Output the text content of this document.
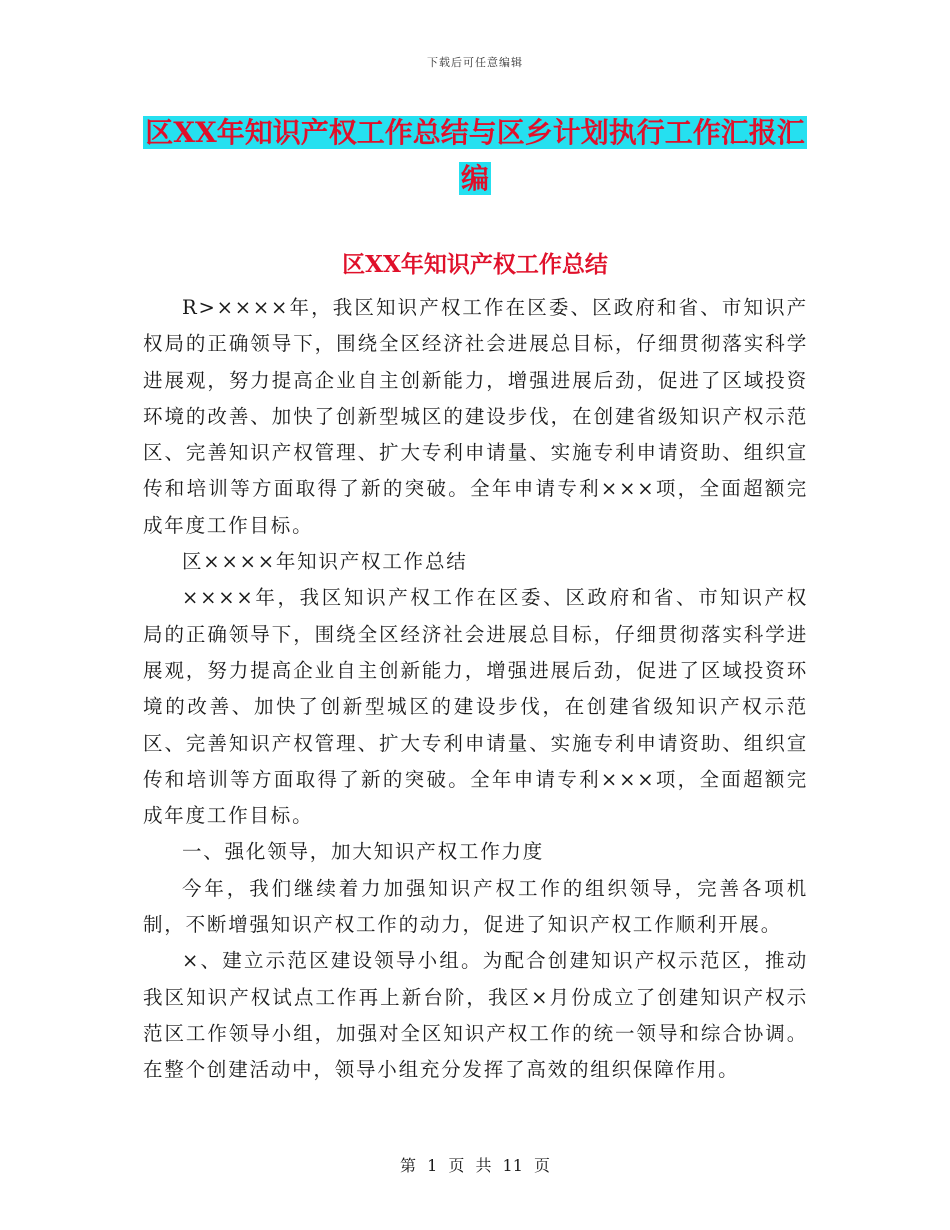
下载后可任意编辑
区XX年知识产权工作总结与区乡计划执行工作汇报汇
编
区XX年知识产权工作总结

R>××××年，我区知识产权工作在区委、区政府和省、市知识产权局的正确领导下，围绕全区经济社会进展总目标，仔细贯彻落实科学进展观，努力提高企业自主创新能力，增强进展后劲，促进了区域投资环境的改善、加快了创新型城区的建设步伐，在创建省级知识产权示范区、完善知识产权管理、扩大专利申请量、实施专利申请资助、组织宣传和培训等方面取得了新的突破。全年申请专利×××项，全面超额完成年度工作目标。

区××××年知识产权工作总结

××××年，我区知识产权工作在区委、区政府和省、市知识产权局的正确领导下，围绕全区经济社会进展总目标，仔细贯彻落实科学进展观，努力提高企业自主创新能力，增强进展后劲，促进了区域投资环境的改善、加快了创新型城区的建设步伐，在创建省级知识产权示范区、完善知识产权管理、扩大专利申请量、实施专利申请资助、组织宣传和培训等方面取得了新的突破。全年申请专利×××项，全面超额完成年度工作目标。

一、强化领导，加大知识产权工作力度

今年，我们继续着力加强知识产权工作的组织领导，完善各项机制，不断增强知识产权工作的动力，促进了知识产权工作顺利开展。

×、建立示范区建设领导小组。为配合创建知识产权示范区，推动我区知识产权试点工作再上新台阶，我区×月份成立了创建知识产权示范区工作领导小组，加强对全区知识产权工作的统一领导和综合协调。在整个创建活动中，领导小组充分发挥了高效的组织保障作用。

第 1 页 共 11 页
